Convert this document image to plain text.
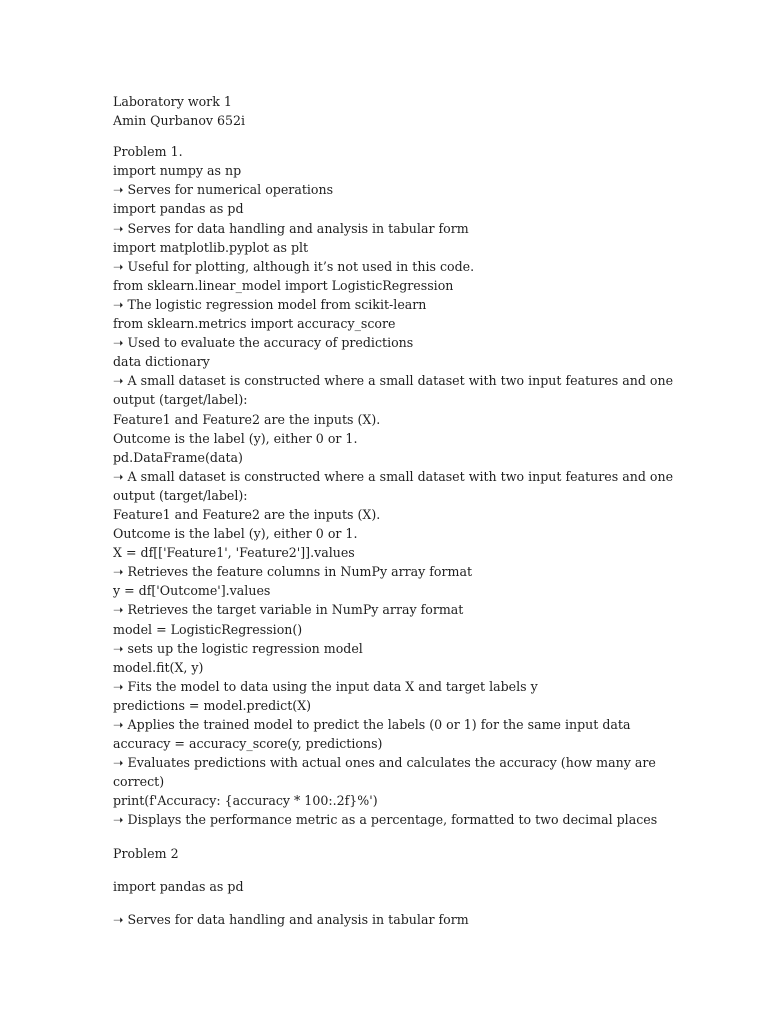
Laboratory work 1
Amin Qurbanov 652i
Problem 1.
import numpy as np
➝ Serves for numerical operations
import pandas as pd
➝ Serves for data handling and analysis in tabular form
import matplotlib.pyplot as plt
➝ Useful for plotting, although it’s not used in this code.
from sklearn.linear_model import LogisticRegression
➝ The logistic regression model from scikit-learn
from sklearn.metrics import accuracy_score
➝ Used to evaluate the accuracy of predictions
data dictionary
➝ A small dataset is constructed where a small dataset with two input features and one
output (target/label):
Feature1 and Feature2 are the inputs (X).
Outcome is the label (y), either 0 or 1.
pd.DataFrame(data)
➝ A small dataset is constructed where a small dataset with two input features and one
output (target/label):
Feature1 and Feature2 are the inputs (X).
Outcome is the label (y), either 0 or 1.
X = df[['Feature1', 'Feature2']].values
➝ Retrieves the feature columns in NumPy array format
y = df['Outcome'].values
➝ Retrieves the target variable in NumPy array format
model = LogisticRegression()
➝ sets up the logistic regression model
model.fit(X, y)
➝ Fits the model to data using the input data X and target labels y
predictions = model.predict(X)
➝ Applies the trained model to predict the labels (0 or 1) for the same input data
accuracy = accuracy_score(y, predictions)
➝ Evaluates predictions with actual ones and calculates the accuracy (how many are
correct)
print(f'Accuracy: {accuracy * 100:.2f}%')
➝ Displays the performance metric as a percentage, formatted to two decimal places
Problem 2
import pandas as pd
➝ Serves for data handling and analysis in tabular form
